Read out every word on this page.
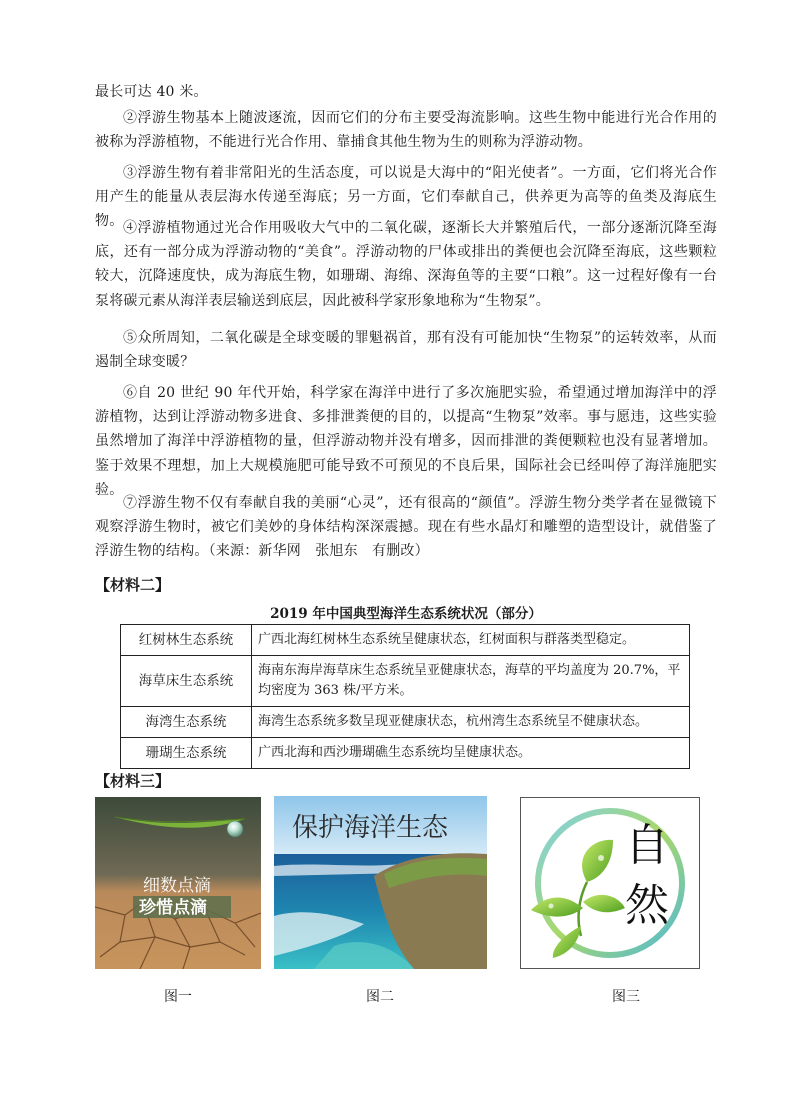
最长可达 40 米。

②浮游生物基本上随波逐流，因而它们的分布主要受海流影响。这些生物中能进行光合作用的被称为浮游植物，不能进行光合作用、靠捕食其他生物为生的则称为浮游动物。

③浮游生物有着非常阳光的生活态度，可以说是大海中的“阳光使者”。一方面，它们将光合作用产生的能量从表层海水传递至海底；另一方面，它们奉献自己，供养更为高等的鱼类及海底生物。 ④浮游植物通过光合作用吸收大气中的二氧化碳，逐渐长大并繁殖后代，一部分逐渐沉降至海底，还有一部分成为浮游动物的“美食”。浮游动物的尸体或排出的粪便也会沉降至海底，这些颗粒较大，沉降速度快，成为海底生物，如珊瑚、海绵、深海鱼等的主要“口粮”。这一过程好像有一台泵将碳元素从海洋表层输送到底层，因此被科学家形象地称为“生物泵”。

⑤众所周知，二氧化碳是全球变暖的罪魁祸首，那有没有可能加快“生物泵”的运转效率，从而遏制全球变暖？

⑥自 20 世纪 90 年代开始，科学家在海洋中进行了多次施肥实验，希望通过增加海洋中的浮游植物，达到让浮游动物多进食、多排泄粪便的目的，以提高“生物泵”效率。事与愿违，这些实验虽然增加了海洋中浮游植物的量，但浮游动物并没有增多，因而排泄的粪便颗粒也没有显著增加。鉴于效果不理想，加上大规模施肥可能导致不可预见的不良后果，国际社会已经叫停了海洋施肥实验。

⑦浮游生物不仅有奉献自我的美丽“心灵”，还有很高的“颜值”。浮游生物分类学者在显微镜下观察浮游生物时，被它们美妙的身体结构深深震撼。现在有些水晶灯和雕塑的造型设计，就借鉴了浮游生物的结构。（来源：新华网　张旭东　有删改）

【材料二】
2019 年中国典型海洋生态系统状况（部分）
红树林生态系统	广西北海红树林生态系统呈健康状态，红树面积与群落类型稳定。
海草床生态系统	海南东海岸海草床生态系统呈亚健康状态，海草的平均盖度为 20.7%，平均密度为 363 株/平方米。
海湾生态系统	海湾生态系统多数呈现亚健康状态，杭州湾生态系统呈不健康状态。
珊瑚生态系统	广西北海和西沙珊瑚礁生态系统均呈健康状态。
【材料三】
细数点滴
珍惜点滴
保护海洋生态	自
然
图一	图二	图三
